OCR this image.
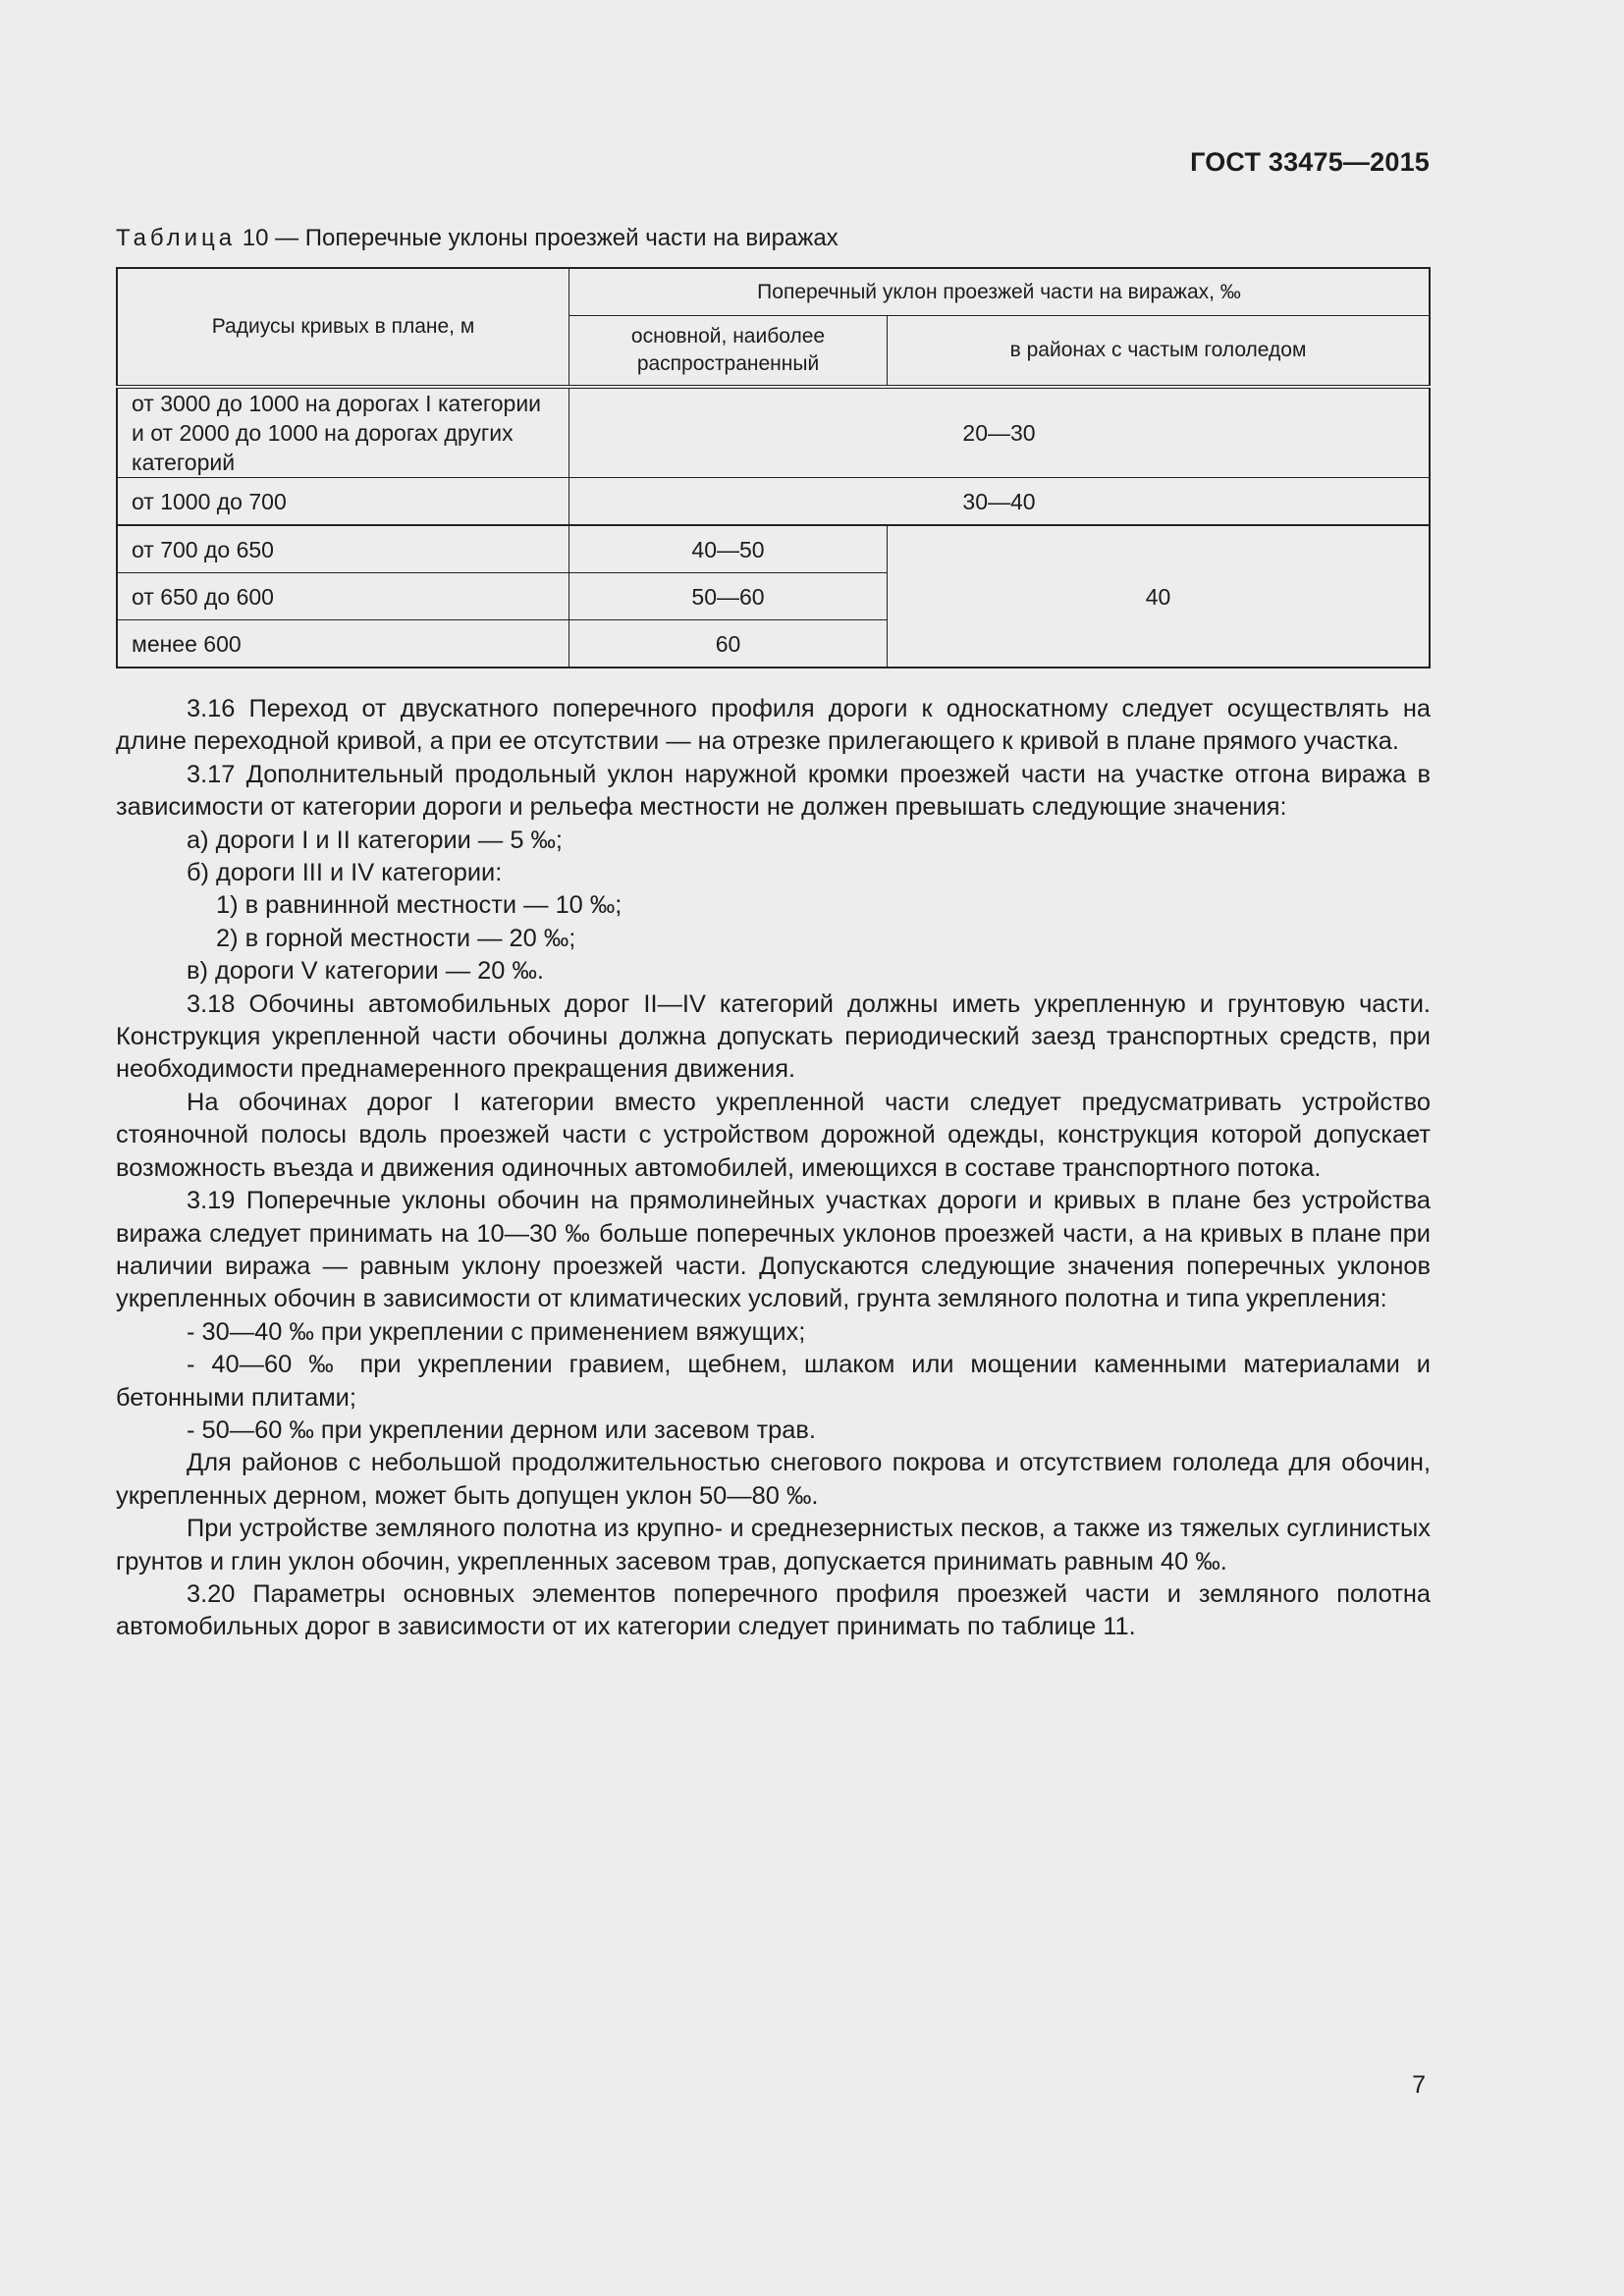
ГОСТ 33475—2015
Таблица 10 — Поперечные уклоны проезжей части на виражах
Радиусы кривых в плане, м	Поперечный уклон проезжей части на виражах, ‰	
	основной, наиболее распространенный	в районах с частым гололедом
от 3000 до 1000 на дорогах I категории и от 2000 до 1000 на дорогах других категорий	20—30	
от 1000 до 700	30—40	
от 700 до 650	40—50	40
от 650 до 600	50—60	
менее 600	60	

3.16 Переход от двускатного поперечного профиля дороги к односкатному следует осуществлять на длине переходной кривой, а при ее отсутствии — на отрезке прилегающего к кривой в плане прямого участка.

3.17 Дополнительный продольный уклон наружной кромки проезжей части на участке отгона виража в зависимости от категории дороги и рельефа местности не должен превышать следующие значения:

а) дороги I и II категории — 5 ‰;

б) дороги III и IV категории:

1) в равнинной местности — 10 ‰;

2) в горной местности — 20 ‰;

в) дороги V категории — 20 ‰.

3.18 Обочины автомобильных дорог II—IV категорий должны иметь укрепленную и грунтовую части. Конструкция укрепленной части обочины должна допускать периодический заезд транспортных средств, при необходимости преднамеренного прекращения движения.

На обочинах дорог I категории вместо укрепленной части следует предусматривать устройство стояночной полосы вдоль проезжей части с устройством дорожной одежды, конструкция которой допускает возможность въезда и движения одиночных автомобилей, имеющихся в составе транспортного потока.

3.19 Поперечные уклоны обочин на прямолинейных участках дороги и кривых в плане без устройства виража следует принимать на 10—30 ‰ больше поперечных уклонов проезжей части, а на кривых в плане при наличии виража — равным уклону проезжей части. Допускаются следующие значения поперечных уклонов укрепленных обочин в зависимости от климатических условий, грунта земляного полотна и типа укрепления:

- 30—40 ‰ при укреплении с применением вяжущих;

- 40—60 ‰ при укреплении гравием, щебнем, шлаком или мощении каменными материалами и бетонными плитами;

- 50—60 ‰ при укреплении дерном или засевом трав.

Для районов с небольшой продолжительностью снегового покрова и отсутствием гололеда для обочин, укрепленных дерном, может быть допущен уклон 50—80 ‰.

При устройстве земляного полотна из крупно- и среднезернистых песков, а также из тяжелых суглинистых грунтов и глин уклон обочин, укрепленных засевом трав, допускается принимать равным 40 ‰.

3.20 Параметры основных элементов поперечного профиля проезжей части и земляного полотна автомобильных дорог в зависимости от их категории следует принимать по таблице 11.

7
